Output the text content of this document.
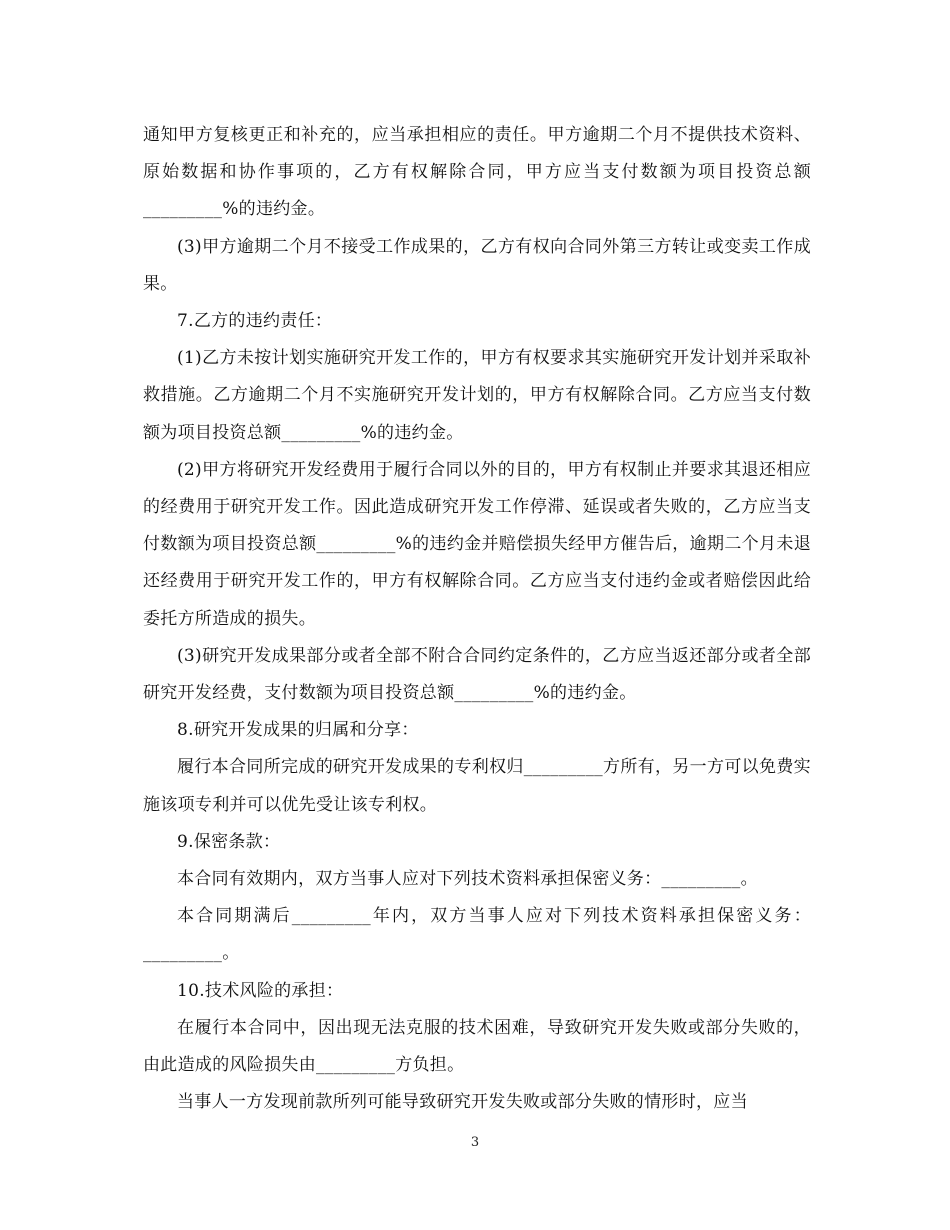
通知甲方复核更正和补充的，应当承担相应的责任。甲方逾期二个月不提供技术资料、原始数据和协作事项的，乙方有权解除合同，甲方应当支付数额为项目投资总额_________%的违约金。

(3)甲方逾期二个月不接受工作成果的，乙方有权向合同外第三方转让或变卖工作成果。

7.乙方的违约责任：

(1)乙方未按计划实施研究开发工作的，甲方有权要求其实施研究开发计划并采取补救措施。乙方逾期二个月不实施研究开发计划的，甲方有权解除合同。乙方应当支付数额为项目投资总额_________%的违约金。

(2)甲方将研究开发经费用于履行合同以外的目的，甲方有权制止并要求其退还相应的经费用于研究开发工作。因此造成研究开发工作停滞、延误或者失败的，乙方应当支付数额为项目投资总额_________%的违约金并赔偿损失经甲方催告后，逾期二个月未退还经费用于研究开发工作的，甲方有权解除合同。乙方应当支付违约金或者赔偿因此给委托方所造成的损失。

(3)研究开发成果部分或者全部不附合合同约定条件的，乙方应当返还部分或者全部研究开发经费，支付数额为项目投资总额_________%的违约金。

8.研究开发成果的归属和分享：

履行本合同所完成的研究开发成果的专利权归_________方所有，另一方可以免费实施该项专利并可以优先受让该专利权。

9.保密条款：

本合同有效期内，双方当事人应对下列技术资料承担保密义务：_________。

本合同期满后_________年内，双方当事人应对下列技术资料承担保密义务：_________。

10.技术风险的承担：

在履行本合同中，因出现无法克服的技术困难，导致研究开发失败或部分失败的，由此造成的风险损失由_________方负担。

当事人一方发现前款所列可能导致研究开发失败或部分失败的情形时，应当

3
